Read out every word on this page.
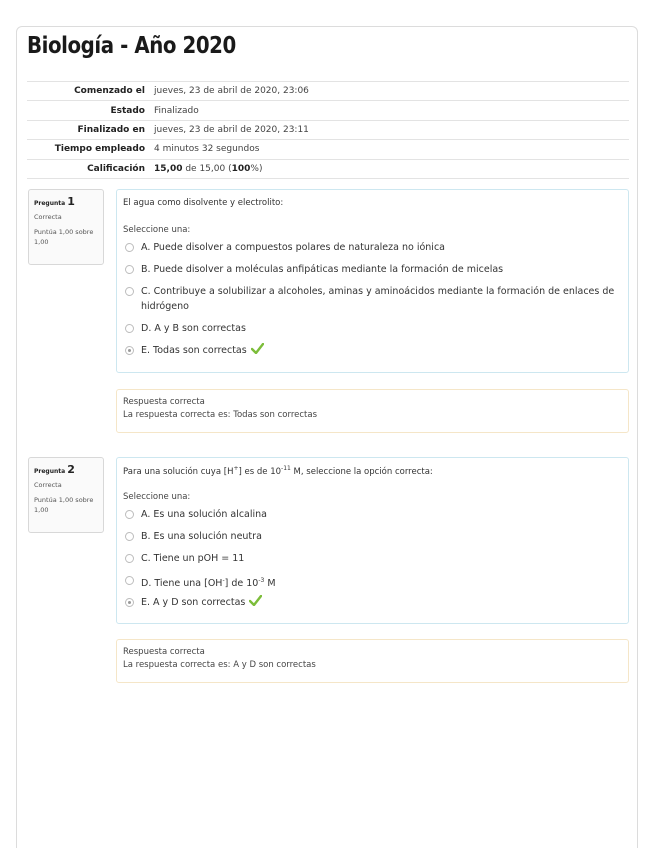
Biología - Año 2020
Comenzado el	jueves, 23 de abril de 2020, 23:06
Estado	Finalizado
Finalizado en	jueves, 23 de abril de 2020, 23:11
Tiempo empleado	4 minutos 32 segundos
Calificación	15,00 de 15,00 (100%)
Pregunta 1
Correcta
Puntúa 1,00 sobre 1,00
El agua como disolvente y electrolito:
Seleccione una:
A. Puede disolver a compuestos polares de naturaleza no iónica
B. Puede disolver a moléculas anfipáticas mediante la formación de micelas
C. Contribuye a solubilizar a alcoholes, aminas y aminoácidos mediante la formación de enlaces de hidrógeno
D. A y B son correctas
E. Todas son correctas
Respuesta correcta
La respuesta correcta es: Todas son correctas
Pregunta 2
Correcta
Puntúa 1,00 sobre 1,00
Para una solución cuya [H+] es de $10^{-11}$ M, seleccione la opción correcta:
Seleccione una:
A. Es una solución alcalina
B. Es una solución neutra
C. Tiene un pOH = 11
D. Tiene una [OH-] de $10^{-3}$ M
E. A y D son correctas
Respuesta correcta
La respuesta correcta es: A y D son correctas
